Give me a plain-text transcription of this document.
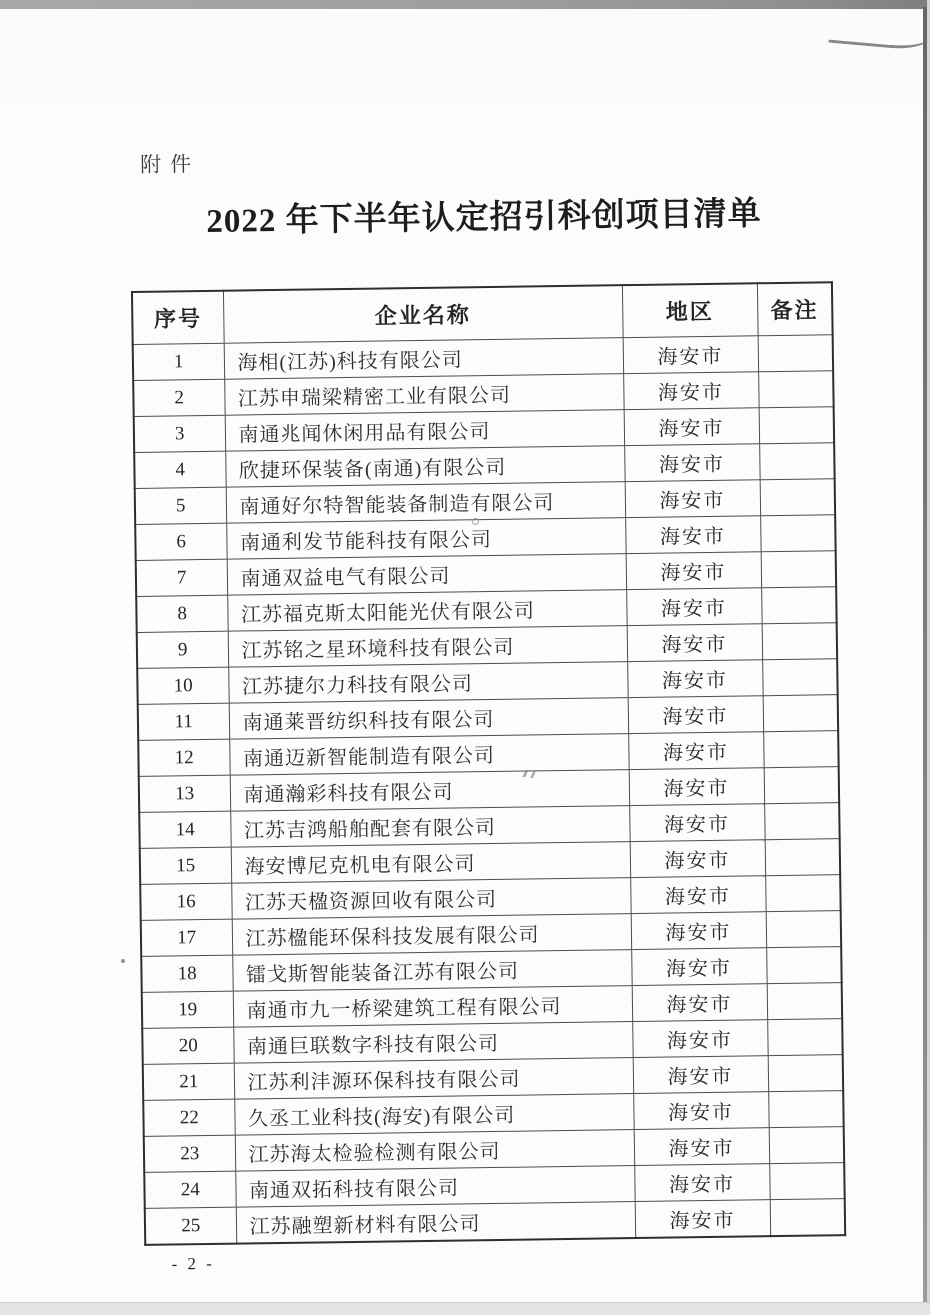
附件
2022 年下半年认定招引科创项目清单
序号	企业名称	地区	备注
1	海相(江苏)科技有限公司	海安市	
2	江苏申瑞梁精密工业有限公司	海安市	
3	南通兆闻休闲用品有限公司	海安市	
4	欣捷环保装备(南通)有限公司	海安市	
5	南通好尔特智能装备制造有限公司	海安市	
6	南通利发节能科技有限公司	海安市	
7	南通双益电气有限公司	海安市	
8	江苏福克斯太阳能光伏有限公司	海安市	
9	江苏铭之星环境科技有限公司	海安市	
10	江苏捷尔力科技有限公司	海安市	
11	南通莱晋纺织科技有限公司	海安市	
12	南通迈新智能制造有限公司	海安市	
13	南通瀚彩科技有限公司	海安市	
14	江苏吉鸿船舶配套有限公司	海安市	
15	海安博尼克机电有限公司	海安市	
16	江苏天楹资源回收有限公司	海安市	
17	江苏楹能环保科技发展有限公司	海安市	
18	镭戈斯智能装备江苏有限公司	海安市	
19	南通市九一桥梁建筑工程有限公司	海安市	
20	南通巨联数字科技有限公司	海安市	
21	江苏利沣源环保科技有限公司	海安市	
22	久丞工业科技(海安)有限公司	海安市	
23	江苏海太检验检测有限公司	海安市	
24	南通双拓科技有限公司	海安市	
25	江苏融塑新材料有限公司	海安市	
- 2 -
